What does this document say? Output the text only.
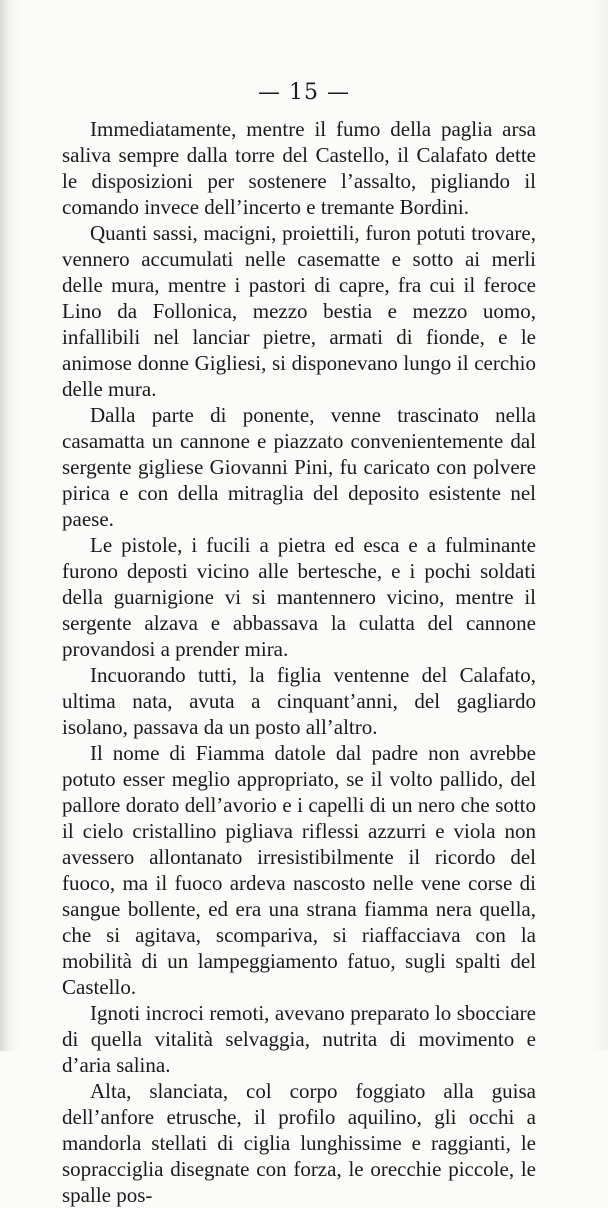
— 15 —

Immediatamente, mentre il fumo della paglia arsa saliva sempre dalla torre del Castello, il Calafato dette le disposizioni per sostenere l’assalto, pigliando il comando invece dell’incerto e tremante Bordini.

Quanti sassi, macigni, proiettili, furon potuti trovare, vennero accumulati nelle casematte e sotto ai merli delle mura, mentre i pastori di capre, fra cui il feroce Lino da Follonica, mezzo bestia e mezzo uomo, infallibili nel lanciar pietre, armati di fionde, e le animose donne Gigliesi, si disponevano lungo il cerchio delle mura.

Dalla parte di ponente, venne trascinato nella casamatta un cannone e piazzato convenientemente dal sergente gigliese Giovanni Pini, fu caricato con polvere pirica e con della mitraglia del deposito esistente nel paese.

Le pistole, i fucili a pietra ed esca e a fulminante furono deposti vicino alle bertesche, e i pochi soldati della guarnigione vi si mantennero vicino, mentre il sergente alzava e abbassava la culatta del cannone provandosi a prender mira.

Incuorando tutti, la figlia ventenne del Calafato, ultima nata, avuta a cinquant’anni, del gagliardo isolano, passava da un posto all’altro.

Il nome di Fiamma datole dal padre non avrebbe potuto esser meglio appropriato, se il volto pallido, del pallore dorato dell’avorio e i capelli di un nero che sotto il cielo cristallino pigliava riflessi azzurri e viola non avessero allontanato irresistibilmente il ricordo del fuoco, ma il fuoco ardeva nascosto nelle vene corse di sangue bollente, ed era una strana fiamma nera quella, che si agitava, scompariva, si riaffacciava con la mobilità di un lampeggiamento fatuo, sugli spalti del Castello.

Ignoti incroci remoti, avevano preparato lo sbocciare di quella vitalità selvaggia, nutrita di movimento e d’aria salina.

Alta, slanciata, col corpo foggiato alla guisa dell’anfore etrusche, il profilo aquilino, gli occhi a mandorla stellati di ciglia lunghissime e raggianti, le sopracciglia disegnate con forza, le orecchie piccole, le spalle pos-
